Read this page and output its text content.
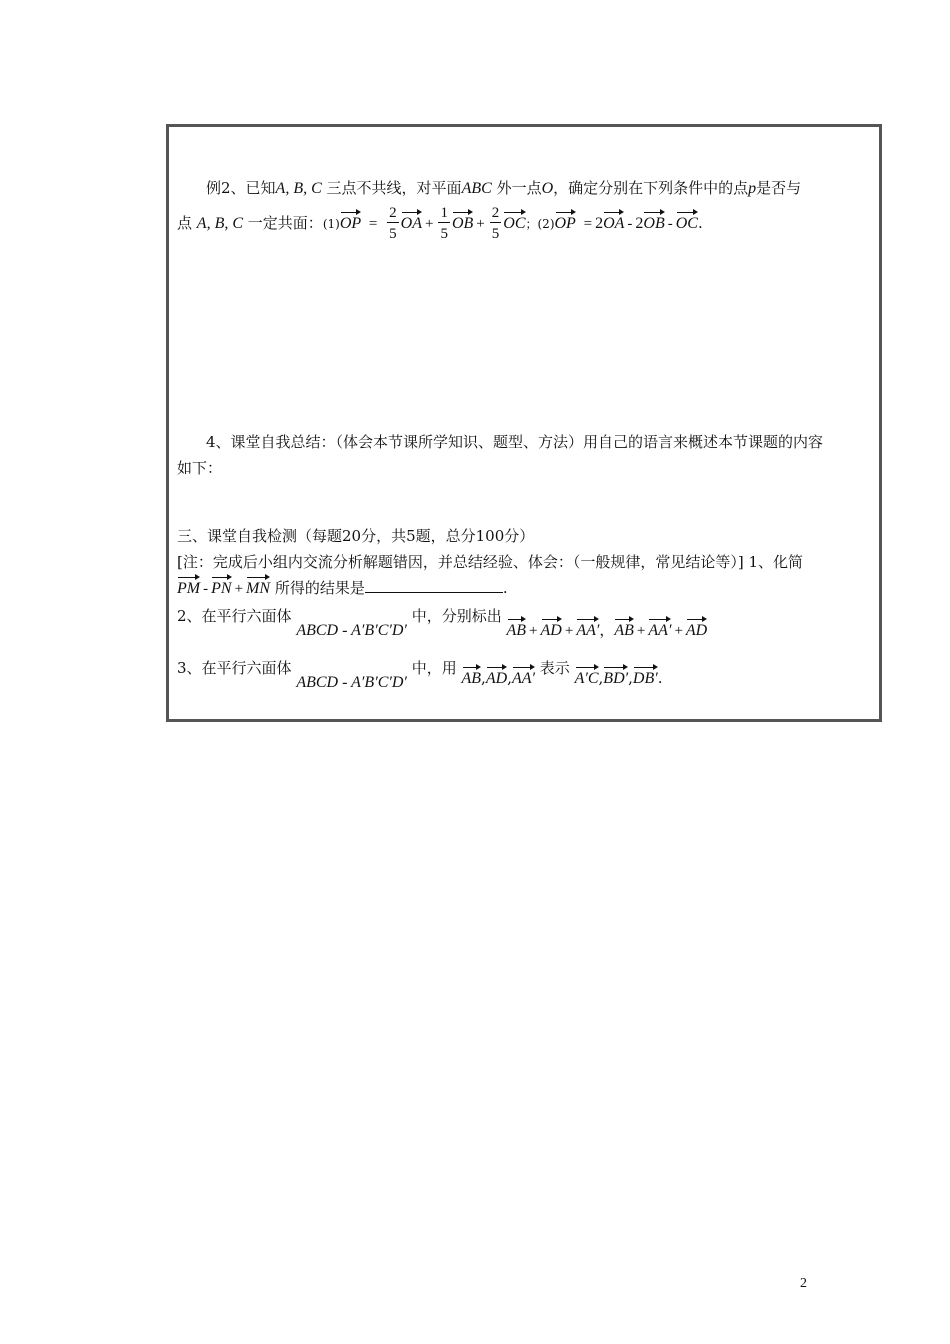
例2、已知A, B, C 三点不共线，对平面ABC 外一点O，确定分别在下列条件中的点p是否与
点 A, B, C 一定共面：$(1)OP = \frac{2}{5}$ OA + $\frac{1}{5}$ OB + $\frac{2}{5}$ OC；(2)OP = 2OA - 2OB - OC.
4、课堂自我总结：（体会本节课所学知识、题型、方法）用自己的语言来概述本节课题的内容
如下：
三、课堂自我检测（每题20分，共5题，总分100分）
[注：完成后小组内交流分析解题错因，并总结经验、体会：（一般规律，常见结论等）] 1、化简
PM - PN + MN 所得的结果是	.
2、在平行六面体 ABCD - A′B′C′D′ 中，分别标出 AB + AD + AA′，AB + AA′ + AD
3、在平行六面体 ABCD - A′B′C′D′ 中，用 AB,AD,AA′ 表示 A′C,BD′,DB′.
2
